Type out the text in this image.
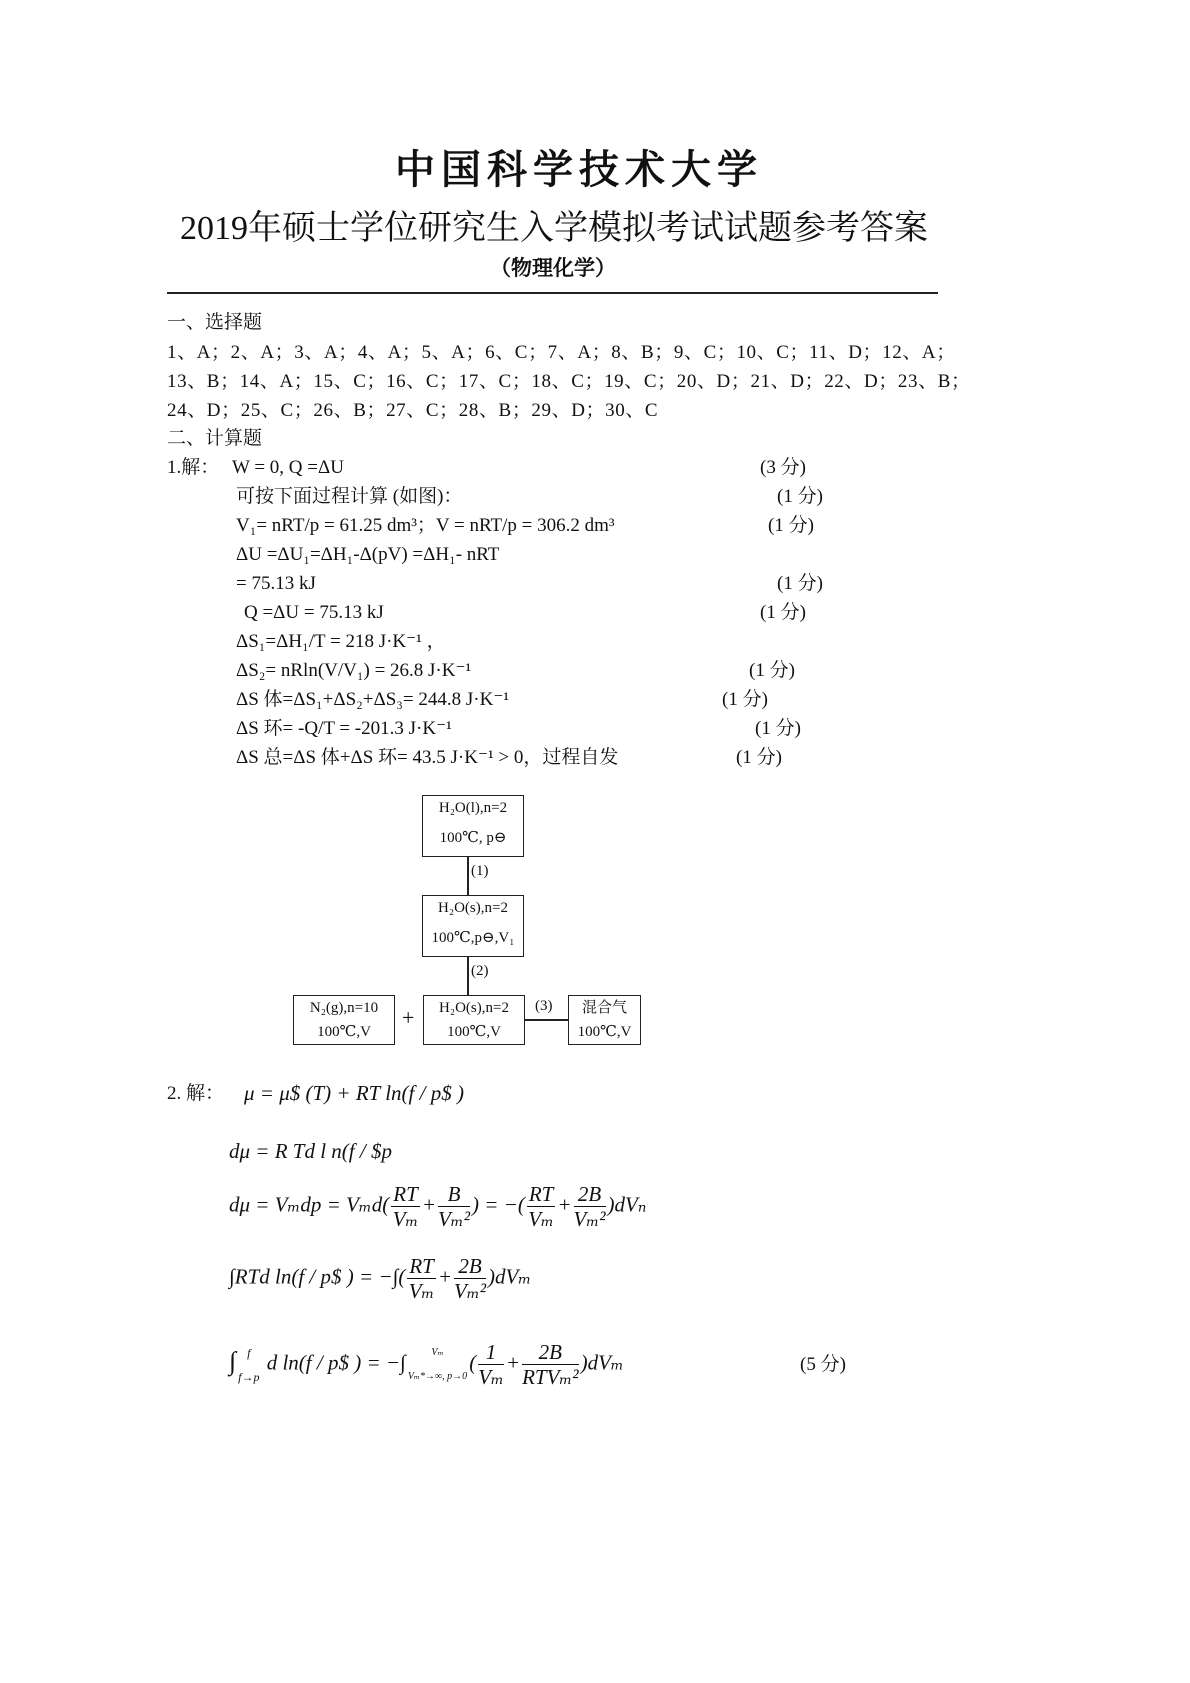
中国科学技术大学
2019年硕士学位研究生入学模拟考试试题参考答案
（物理化学）
一、选择题
1、A；2、A；3、A；4、A；5、A；6、C；7、A；8、B；9、C；10、C；11、D；12、A；
13、B；14、A；15、C；16、C；17、C；18、C；19、C；20、D；21、D；22、D；23、B；
24、D；25、C；26、B；27、C；28、B；29、D；30、C
二、计算题
1.解： W = 0, Q =ΔU	(3 分)
可按下面过程计算 (如图)：	(1 分)
V₁= nRT/p = 61.25 dm³；V = nRT/p = 306.2 dm³	(1 分)
ΔU =ΔU₁=ΔH₁-Δ(pV) =ΔH₁- nRT
= 75.13 kJ	(1 分)
Q =ΔU = 75.13 kJ	(1 分)
ΔS₁=ΔH₁/T = 218 J·K⁻¹ ，
ΔS₂= nRln(V/V₁) = 26.8 J·K⁻¹	(1 分)
ΔS 体=ΔS₁+ΔS₂+ΔS₃= 244.8 J·K⁻¹	(1 分)
ΔS 环= -Q/T = -201.3 J·K⁻¹	(1 分)
ΔS 总=ΔS 体+ΔS 环= 43.5 J·K⁻¹ > 0，过程自发	(1 分)
H₂O(l),n=2
100℃, p⊖
(1)
H₂O(s),n=2
100℃,p⊖,V₁
(2)
N₂(g),n=10
100℃,V
+	H₂O(s),n=2
100℃,V
(3)	混合气
100℃,V
2. 解： μ = μ$ (T) + RT ln(f / p$ )
dμ = R Td l n(f / $p
$d\mu = V_mdp = V_md( \frac{RT}{\text{Vₘ}} + \frac{B}{\text{Vₘ²}}$ ) = −( $\frac{RT}{\text{Vₘ}} + \frac{2B}{\text{Vₘ²}} )dV_n$
∫RTd ln(f / p$ ) = −∫( $\frac{RT}{\text{Vₘ}} + \frac{2B}{\text{Vₘ²}} )dV_m$
∫ f
f→p
d ln(f / p$ ) = −∫	Vₘ
Vₘ*→∞, p→0
( $\frac{1}{\text{Vₘ}} + \frac{2B}{\text{RTVₘ²}} )dV_m$	(5 分)
